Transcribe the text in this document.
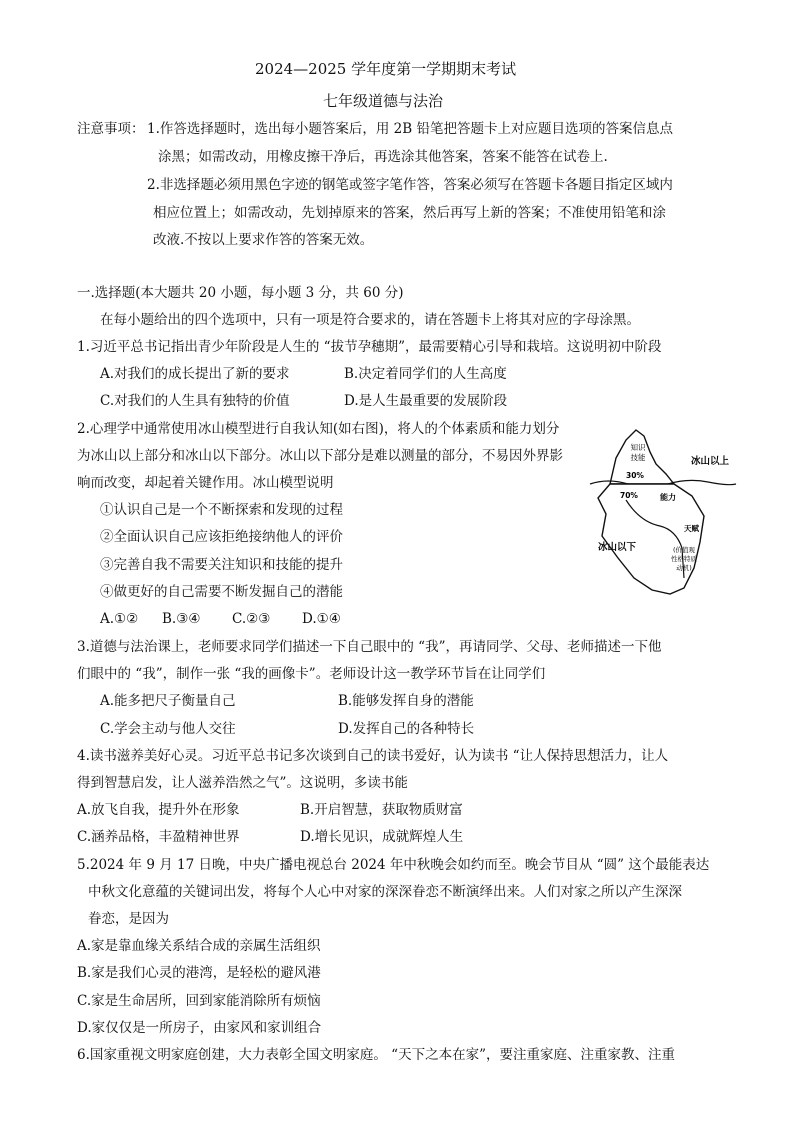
2024—2025 学年度第一学期期末考试
七年级道德与法治
注意事项： 1.作答选择题时，选出每小题答案后，用 2B 铅笔把答题卡上对应题目选项的答案信息点
涂黑；如需改动，用橡皮擦干净后，再选涂其他答案，答案不能答在试卷上.
2.非选择题必须用黑色字迹的钢笔或签字笔作答，答案必须写在答题卡各题目指定区域内
相应位置上；如需改动，先划掉原来的答案，然后再写上新的答案；不准使用铅笔和涂
改液.不按以上要求作答的答案无效。
一.选择题(本大题共 20 小题，每小题 3 分，共 60 分)
在每小题给出的四个选项中，只有一项是符合要求的，请在答题卡上将其对应的字母涂黑。
1.习近平总书记指出青少年阶段是人生的 “拔节孕穗期”，最需要精心引导和栽培。这说明初中阶段
A.对我们的成长提出了新的要求	B.决定着同学们的人生高度
C.对我们的人生具有独特的价值	D.是人生最重要的发展阶段
2.心理学中通常使用冰山模型进行自我认知(如右图)，将人的个体素质和能力划分
为冰山以上部分和冰山以下部分。冰山以下部分是难以测量的部分，不易因外界影
响而改变，却起着关键作用。冰山模型说明
①认识自己是一个不断探索和发现的过程
②全面认识自己应该拒绝接纳他人的评价
③完善自我不需要关注知识和技能的提升
④做更好的自己需要不断发掘自己的潜能
A.①② B.③④ C.②③ D.①④
知识
技能
30%
冰山以上
70%	能力
天赋
冰山以下	(价值观
性格特质
动机)
3.道德与法治课上，老师要求同学们描述一下自己眼中的 “我”，再请同学、父母、老师描述一下他
们眼中的 “我”，制作一张 “我的画像卡”。老师设计这一教学环节旨在让同学们
A.能多把尺子衡量自己	B.能够发挥自身的潜能
C.学会主动与他人交往	D.发挥自己的各种特长
4.读书滋养美好心灵。习近平总书记多次谈到自己的读书爱好，认为读书 “让人保持思想活力，让人
得到智慧启发，让人滋养浩然之气”。这说明，多读书能
A.放飞自我，提升外在形象	B.开启智慧，获取物质财富
C.涵养品格，丰盈精神世界	D.增长见识，成就辉煌人生
5.2024 年 9 月 17 日晚，中央广播电视总台 2024 年中秋晚会如约而至。晚会节目从 “圆” 这个最能表达
中秋文化意蕴的关键词出发，将每个人心中对家的深深眷恋不断演绎出来。人们对家之所以产生深深
眷恋，是因为
A.家是靠血缘关系结合成的亲属生活组织
B.家是我们心灵的港湾，是轻松的避风港
C.家是生命居所，回到家能消除所有烦恼
D.家仅仅是一所房子，由家风和家训组合
6.国家重视文明家庭创建，大力表彰全国文明家庭。 “天下之本在家”，要注重家庭、注重家教、注重
